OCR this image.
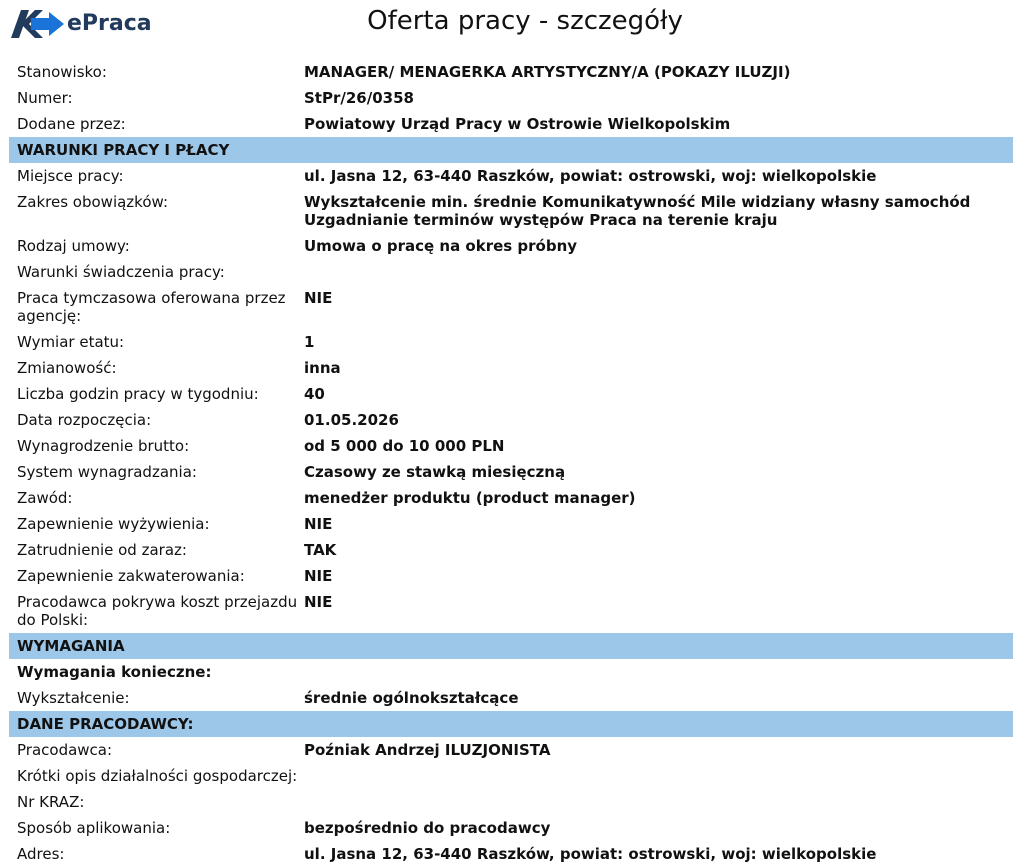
ePraca	Oferta pracy - szczegóły
Stanowisko:	MANAGER/ MENAGERKA ARTYSTYCZNY/A (POKAZY ILUZJI)
Numer:	StPr/26/0358
Dodane przez:	Powiatowy Urząd Pracy w Ostrowie Wielkopolskim
WARUNKI PRACY I PŁACY
Miejsce pracy:	ul. Jasna 12, 63-440 Raszków, powiat: ostrowski, woj: wielkopolskie
Zakres obowiązków:	Wykształcenie min. średnie Komunikatywność Mile widziany własny samochód Uzgadnianie terminów występów Praca na terenie kraju
Rodzaj umowy:	Umowa o pracę na okres próbny
Warunki świadczenia pracy:
Praca tymczasowa oferowana przez agencję:
NIE
Wymiar etatu:	1
Zmianowość:	inna
Liczba godzin pracy w tygodniu:	40
Data rozpoczęcia:	01.05.2026
Wynagrodzenie brutto:	od 5 000 do 10 000 PLN
System wynagradzania:	Czasowy ze stawką miesięczną
Zawód:	menedżer produktu (product manager)
Zapewnienie wyżywienia:	NIE
Zatrudnienie od zaraz:	TAK
Zapewnienie zakwaterowania:	NIE
Pracodawca pokrywa koszt przejazdu do Polski:
NIE
WYMAGANIA
Wymagania konieczne:
Wykształcenie:	średnie ogólnokształcące
DANE PRACODAWCY:
Pracodawca:	Poźniak Andrzej ILUZJONISTA
Krótki opis działalności gospodarczej:
Nr KRAZ:
Sposób aplikowania:	bezpośrednio do pracodawcy
Adres:	ul. Jasna 12, 63-440 Raszków, powiat: ostrowski, woj: wielkopolskie
